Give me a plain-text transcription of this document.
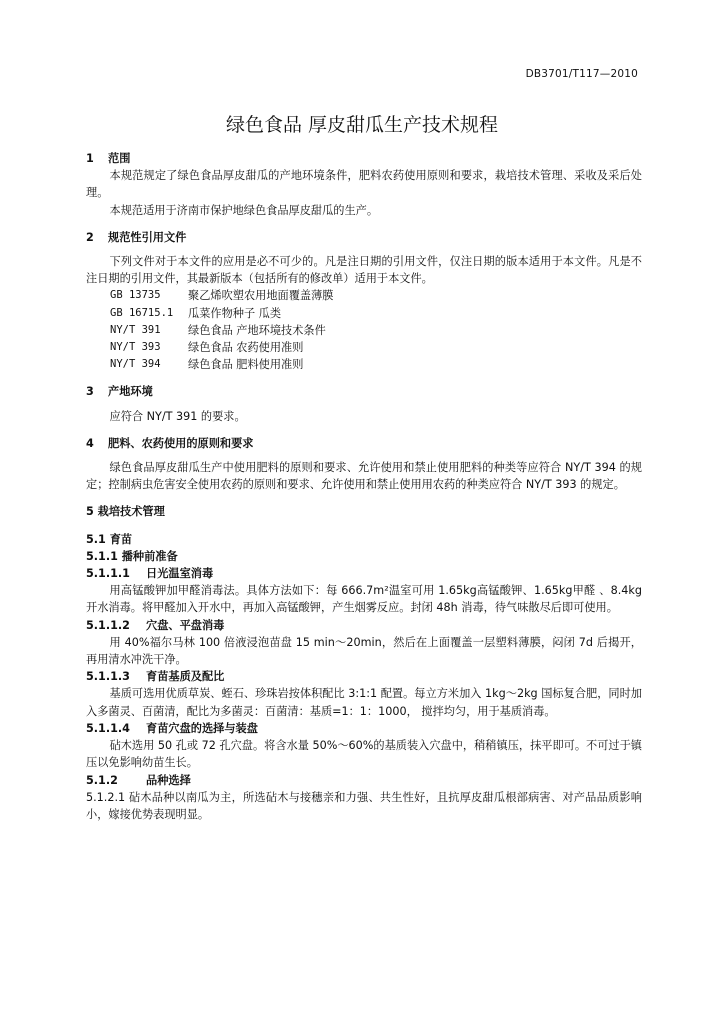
DB3701/T117—2010
绿色食品 厚皮甜瓜生产技术规程
1 范围

本规范规定了绿色食品厚皮甜瓜的产地环境条件，肥料农药使用原则和要求，栽培技术管理、采收及采后处理。

本规范适用于济南市保护地绿色食品厚皮甜瓜的生产。

2 规范性引用文件

下列文件对于本文件的应用是必不可少的。凡是注日期的引用文件，仅注日期的版本适用于本文件。凡是不注日期的引用文件，其最新版本（包括所有的修改单）适用于本文件。

GB 13735	聚乙烯吹塑农用地面覆盖薄膜
GB 16715.1	瓜菜作物种子 瓜类
NY/T 391	绿色食品 产地环境技术条件
NY/T 393	绿色食品 农药使用准则
NY/T 394	绿色食品 肥料使用准则
3 产地环境

应符合 NY/T 391 的要求。

4 肥料、农药使用的原则和要求

绿色食品厚皮甜瓜生产中使用肥料的原则和要求、允许使用和禁止使用肥料的种类等应符合 NY/T 394 的规定；控制病虫危害安全使用农药的原则和要求、允许使用和禁止使用用农药的种类应符合 NY/T 393 的规定。

5 栽培技术管理
5.1 育苗
5.1.1 播种前准备
5.1.1.1 日光温室消毒

用高锰酸钾加甲醛消毒法。具体方法如下：每 666.7m²温室可用 1.65kg高锰酸钾、1.65kg甲醛 、8.4kg开水消毒。将甲醛加入开水中，再加入高锰酸钾，产生烟雾反应。封闭 48h 消毒，待气味散尽后即可使用。

5.1.1.2 穴盘、平盘消毒

用 40%福尔马林 100 倍液浸泡苗盘 15 min～20min，然后在上面覆盖一层塑料薄膜，闷闭 7d 后揭开，再用清水冲洗干净。

5.1.1.3 育苗基质及配比

基质可选用优质草炭、蛭石、珍珠岩按体积配比 3:1:1 配置。每立方米加入 1kg～2kg 国标复合肥，同时加入多菌灵、百菌清，配比为多菌灵：百菌清：基质=1：1：1000， 搅拌均匀，用于基质消毒。

5.1.1.4 育苗穴盘的选择与装盘

砧木选用 50 孔或 72 孔穴盘。将含水量 50%～60%的基质装入穴盘中，稍稍镇压，抹平即可。不可过于镇压以免影响幼苗生长。

5.1.2	品种选择

5.1.2.1 砧木品种以南瓜为主，所选砧木与接穗亲和力强、共生性好，且抗厚皮甜瓜根部病害、对产品品质影响小，嫁接优势表现明显。
